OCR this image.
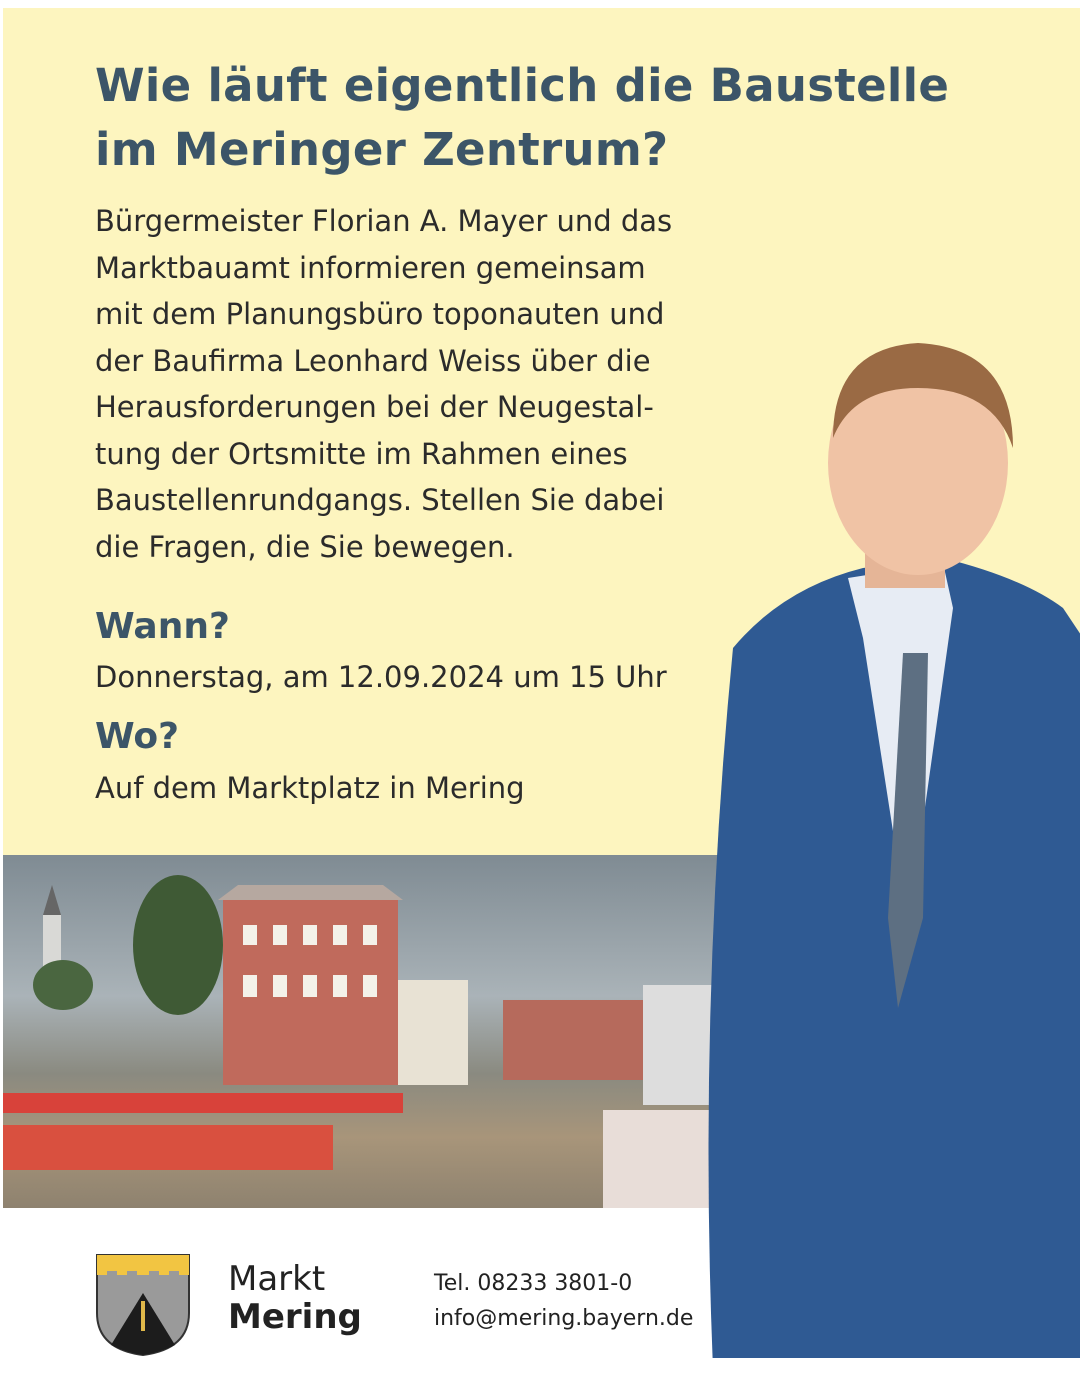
Wie läuft eigentlich die Baustelle
im Meringer Zentrum?
Bürgermeister Florian A. Mayer und das
Marktbauamt informieren gemeinsam
mit dem Planungsbüro toponauten und
der Baufirma Leonhard Weiss über die
Herausforderungen bei der Neugestal-
tung der Ortsmitte im Rahmen eines
Baustellenrundgangs. Stellen Sie dabei
die Fragen, die Sie bewegen.
Wann?
Donnerstag, am 12.09.2024 um 15 Uhr
Wo?
Auf dem Marktplatz in Mering
Markt
Mering
Tel. 08233 3801-0
info@mering.bayern.de
